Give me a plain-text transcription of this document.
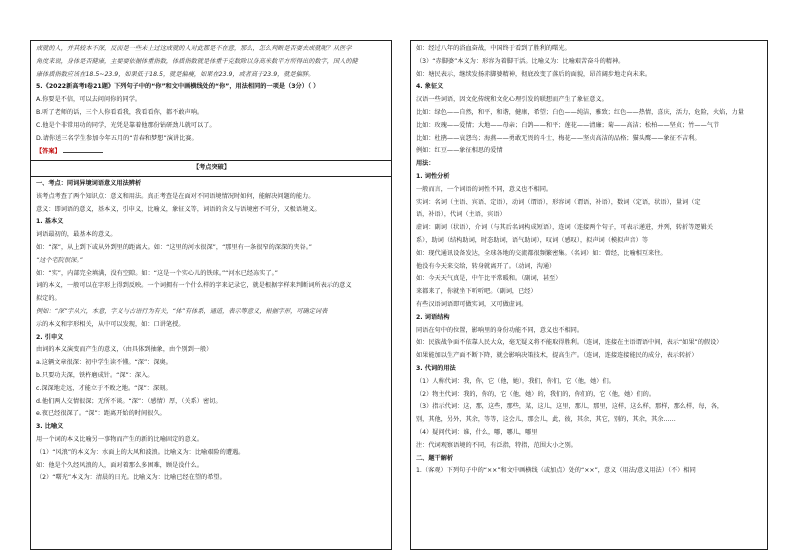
成就的人，并其较本不深，反而是一些未上过这成就的人对此都是不在意，那么，怎么判断是否要去成就呢？从医学
角度来说，身体是否健康，主要要依据体重指数，体质指数就是体重千克数除以身高米数平方所得出的数字，国人的健
康体质指数应该在18.5~23.9，如果低于18.5，就是偏瘦，如果在23.9，或者高于23.9，就是偏胖。
5.《2022新高考Ⅰ卷21题》下列句子中的“你”和文中画横线处的“你”，用法相同的一项是（3分）（ ）
A.你要是不信，可以去问问你的同学。
B.听了老师的话，三个人你看看我，我看看你，都不敢声响。
C.他是个非常用功的同学，光凭是靠着他那份钻研劲儿就可以了。
D.请你送三名学生参加今年五月的“青春和梦想”演讲比赛。
【答案】
【考点突破】
一、考点：同词异境词语意义用法辨析
该考点考查了两个知识点：意义和用法。真正考查是在面对不同语境情况时如何，能解决问题的能力。
意义：即词语的意义，基本义，引申义，比喻义，象征义等，词语的含义与语境密不可分，又极语境义。
1. 基本义
词语最初的，最基本的意义。
如：“深”，从上到下或从外到里的距离大。如：“这里的河水很深”，“那里有一条很窄的深深的夹谷。”
“这个宅院很深。”
如：“实”，内部完全填满，没有空隙。如：“这是一个实心儿的铁球。”“河水已经冻实了。”
词的本义，一般可以在字形上得到反映。一个词拥有一个什么样的字来记录它，就是根据字样来判断词所表示的意义
拟定的。
例如：“深”字从穴，本意，字义与古语行为有关，“体”有体系，通道，表示等意义，根据字形，可确定词表
示的本义和字形相关，从中可以发现，如：口讲笔授。
2. 引申义
由词的本义演变而产生的意义，（由具体到抽象，由个别到一般）
a.这辆文章很深：初中学生读不懂。“深”：深奥。
b.只要功夫深，铁杵磨成针。“深”：深入。
c.深深地走远，才能立于不败之地。“深”：深刻。
d.他们两人交情很深；无所不谈。“深”：（感情）厚，（关系）密切。
e.夜已经很深了。“深”：距离开始的时间很久。
3. 比喻义
用一个词的本义比喻另一事物而产生的新的比喻固定的意义。
（1）“风浪”的本义为：水面上的大风和波浪。比喻义为：比喻艰险的遭遇。
如：他是个久经风浪的人，面对着那么多困难，顾是没什么。
（2）“曙光”本义为：清晨的日光。比喻义为：比喻已经在望的希望。
如：经过八年的浴血奋战，中国终于看到了胜利的曙光。
（3）“赤脚婆”本义为：形容为着脚干活。比喻义为：比喻艰苦奋斗的精神。
如：塘民表示，继续发扬赤脚婆精神，彻底改变了落后的面貌，昂首阔步地走向未来。
4. 象征义
汉语一些词语，因文化传统和文化心理引发的联想而产生了象征意义。
比如：绿色——自然，和平，和谐，健康，希望；白色——纯洁，雅致；红色——热情，喜庆，活力，危险，火焰，力量
比如：玫瑰——爱情；大地——母亲；白鸽——和平；莲花——清廉；菊——高洁；松柏——坚贞；竹——气节
比如：杜鹃——哀怨鸟；海燕——勇敢无畏的斗士，梅花——坚贞高洁的品格；猫头鹰——象征不吉利。
例如：红豆——象征相思的爱情
用法：
1. 词性分析
一般而言，一个词语的词性不同，意义也不相同。
实词：名词（主语、宾语、定语），动词（谓语），形容词（谓语，补语），数词（定语，状语），量词（定
语，补语），代词（主语，宾语）
虚词：副词（状语），介词（与其后名词构成短语），连词（连接两个句子，可表示递进，并列，转折等逻辑关
系），助词（结构助词，时态助词，语气助词），叹词（感叹），拟声词（模拟声音）等
如：现代通讯设备发达，全球各地的交流都很频繁密集。（名词）如：曾经，比喻相互来往。
他没有今天来交给，转身就离开了。（动词，沟通）
如：今天天气真是，中午比平常暖和。（副词，甚至）
来都来了，你就坐下听听吧。（副词，已经）
有些汉语词语即可做实词，又可做虚词。
2. 词语结构
同语在句中的位置，影响里的身份功能不同，意义也不相同。
如：民族战争面不依靠人民大众，毫无疑义将不能取得胜利。（连词，连接在主语谓语中间，表示“如果”的假设）
如果能加以生产面不断下降，就会影响决策技术，提高生产。（连词，连接连接能民的成分，表示转折）
3. 代词的用法
（1）人称代词：我，你，它（他，她），我们，你们，它（他，她）们。
（2）物主代词：我的，你的，它（他，她）的，我们的，你们的，它（他，她）们的。
（3）指示代词：这，那，这些，那些，某，这儿，这里，那儿，那里，这样，这么样，那样，那么样，每，各，
别，其他，另外，其余，等等，这会儿，那会儿，此，彼，其余，其它，别的，其余，其余……
（4）疑问代词：谁，什么，哪，哪儿，哪里
注：代词观察语境的不同，有泛指，特指，范围大小之别。
二、题干解析
1.（客观）下列句子中的“××”和文中画横线（或加点）处的“××”，意义（用法/意义用法）（不）相同
